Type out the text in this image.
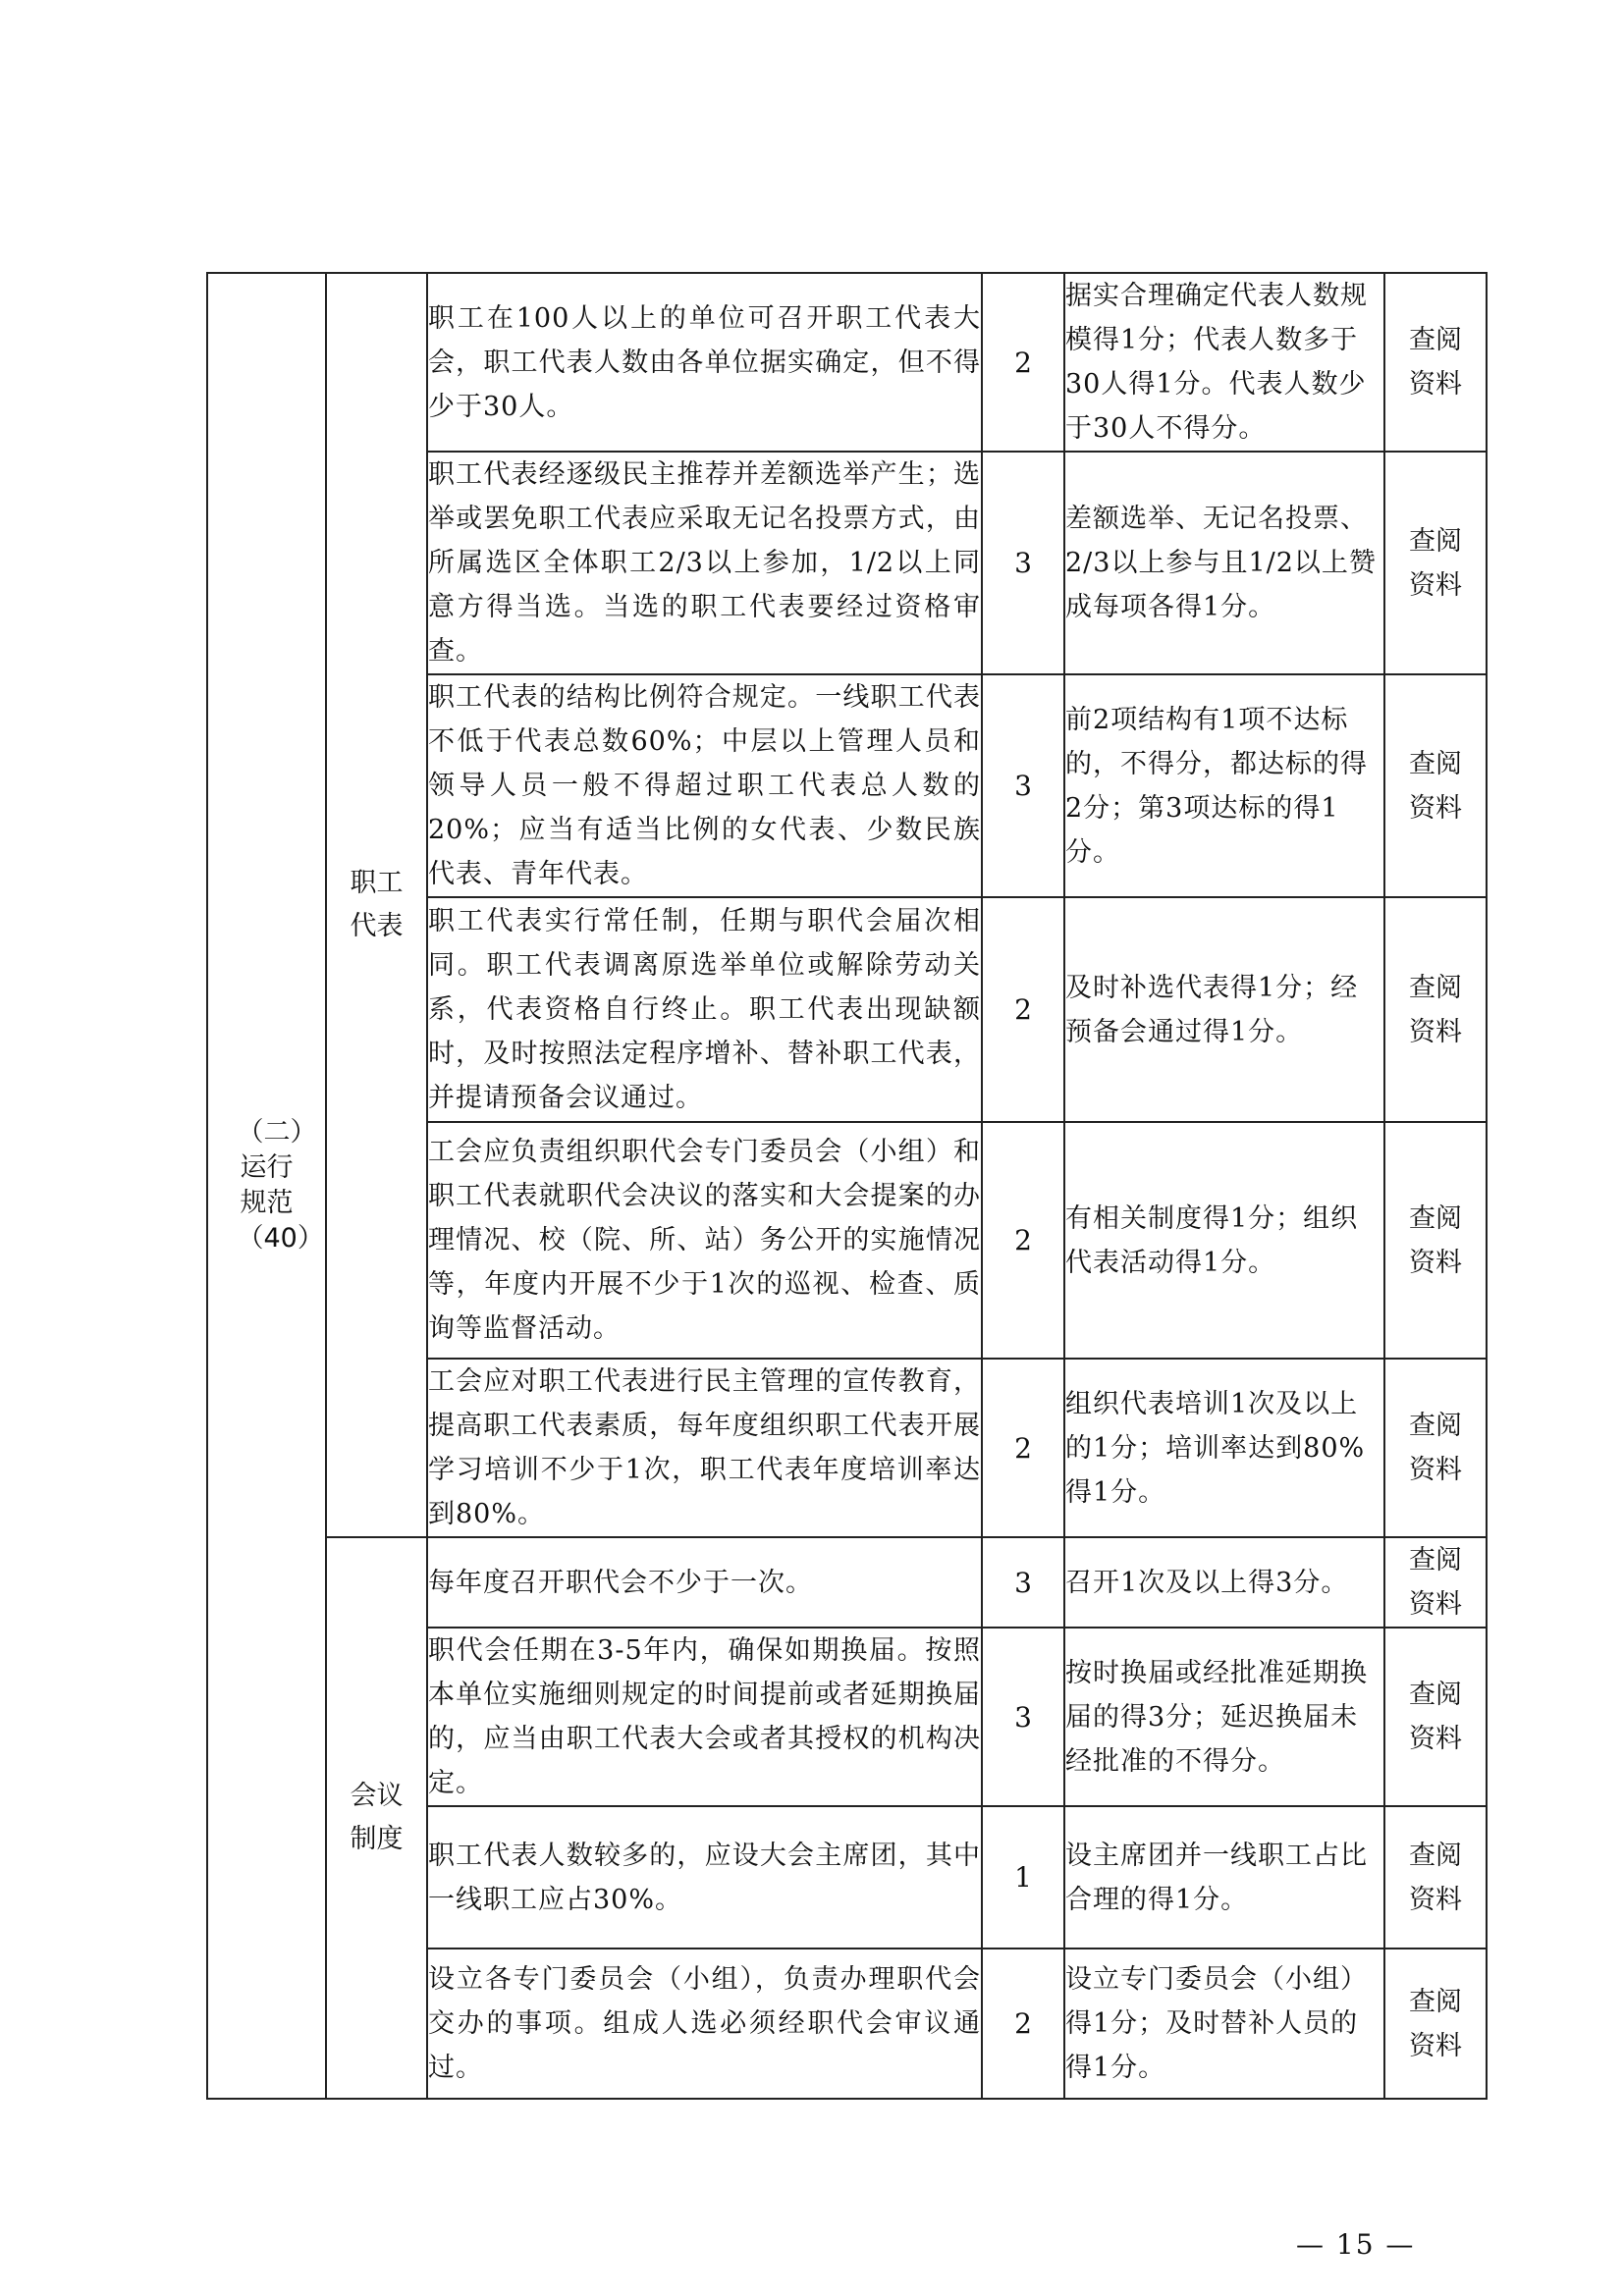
（二）运行规范（40）	职工代表	职工在100人以上的单位可召开职工代表大会，职工代表人数由各单位据实确定，但不得少于30人。	2	据实合理确定代表人数规模得1分；代表人数多于30人得1分。代表人数少于30人不得分。	查阅资料

		职工代表经逐级民主推荐并差额选举产生；选举或罢免职工代表应采取无记名投票方式，由所属选区全体职工2/3以上参加，1/2以上同意方得当选。当选的职工代表要经过资格审查。	3	差额选举、无记名投票、2/3以上参与且1/2以上赞成每项各得1分。	查阅资料

		职工代表的结构比例符合规定。一线职工代表不低于代表总数60%；中层以上管理人员和领导人员一般不得超过职工代表总人数的20%；应当有适当比例的女代表、少数民族代表、青年代表。	3	前2项结构有1项不达标的，不得分，都达标的得2分；第3项达标的得1分。	查阅资料

		职工代表实行常任制，任期与职代会届次相同。职工代表调离原选举单位或解除劳动关系，代表资格自行终止。职工代表出现缺额时，及时按照法定程序增补、替补职工代表，并提请预备会议通过。	2	及时补选代表得1分；经预备会通过得1分。	查阅资料

		工会应负责组织职代会专门委员会（小组）和职工代表就职代会决议的落实和大会提案的办理情况、校（院、所、站）务公开的实施情况等，年度内开展不少于1次的巡视、检查、质询等监督活动。	2	有相关制度得1分；组织代表活动得1分。	查阅资料

		工会应对职工代表进行民主管理的宣传教育，提高职工代表素质，每年度组织职工代表开展学习培训不少于1次，职工代表年度培训率达到80%。	2	组织代表培训1次及以上的1分；培训率达到80%得1分。	查阅资料

	会议制度	每年度召开职代会不少于一次。	3	召开1次及以上得3分。	查阅资料

		职代会任期在3-5年内，确保如期换届。按照本单位实施细则规定的时间提前或者延期换届的，应当由职工代表大会或者其授权的机构决定。	3	按时换届或经批准延期换届的得3分；延迟换届未经批准的不得分。	查阅资料

		职工代表人数较多的，应设大会主席团，其中一线职工应占30%。	1	设主席团并一线职工占比合理的得1分。	查阅资料

		设立各专门委员会（小组），负责办理职代会交办的事项。组成人选必须经职代会审议通过。	2	设立专门委员会（小组）得1分；及时替补人员的得1分。	查阅资料
— 15 —
